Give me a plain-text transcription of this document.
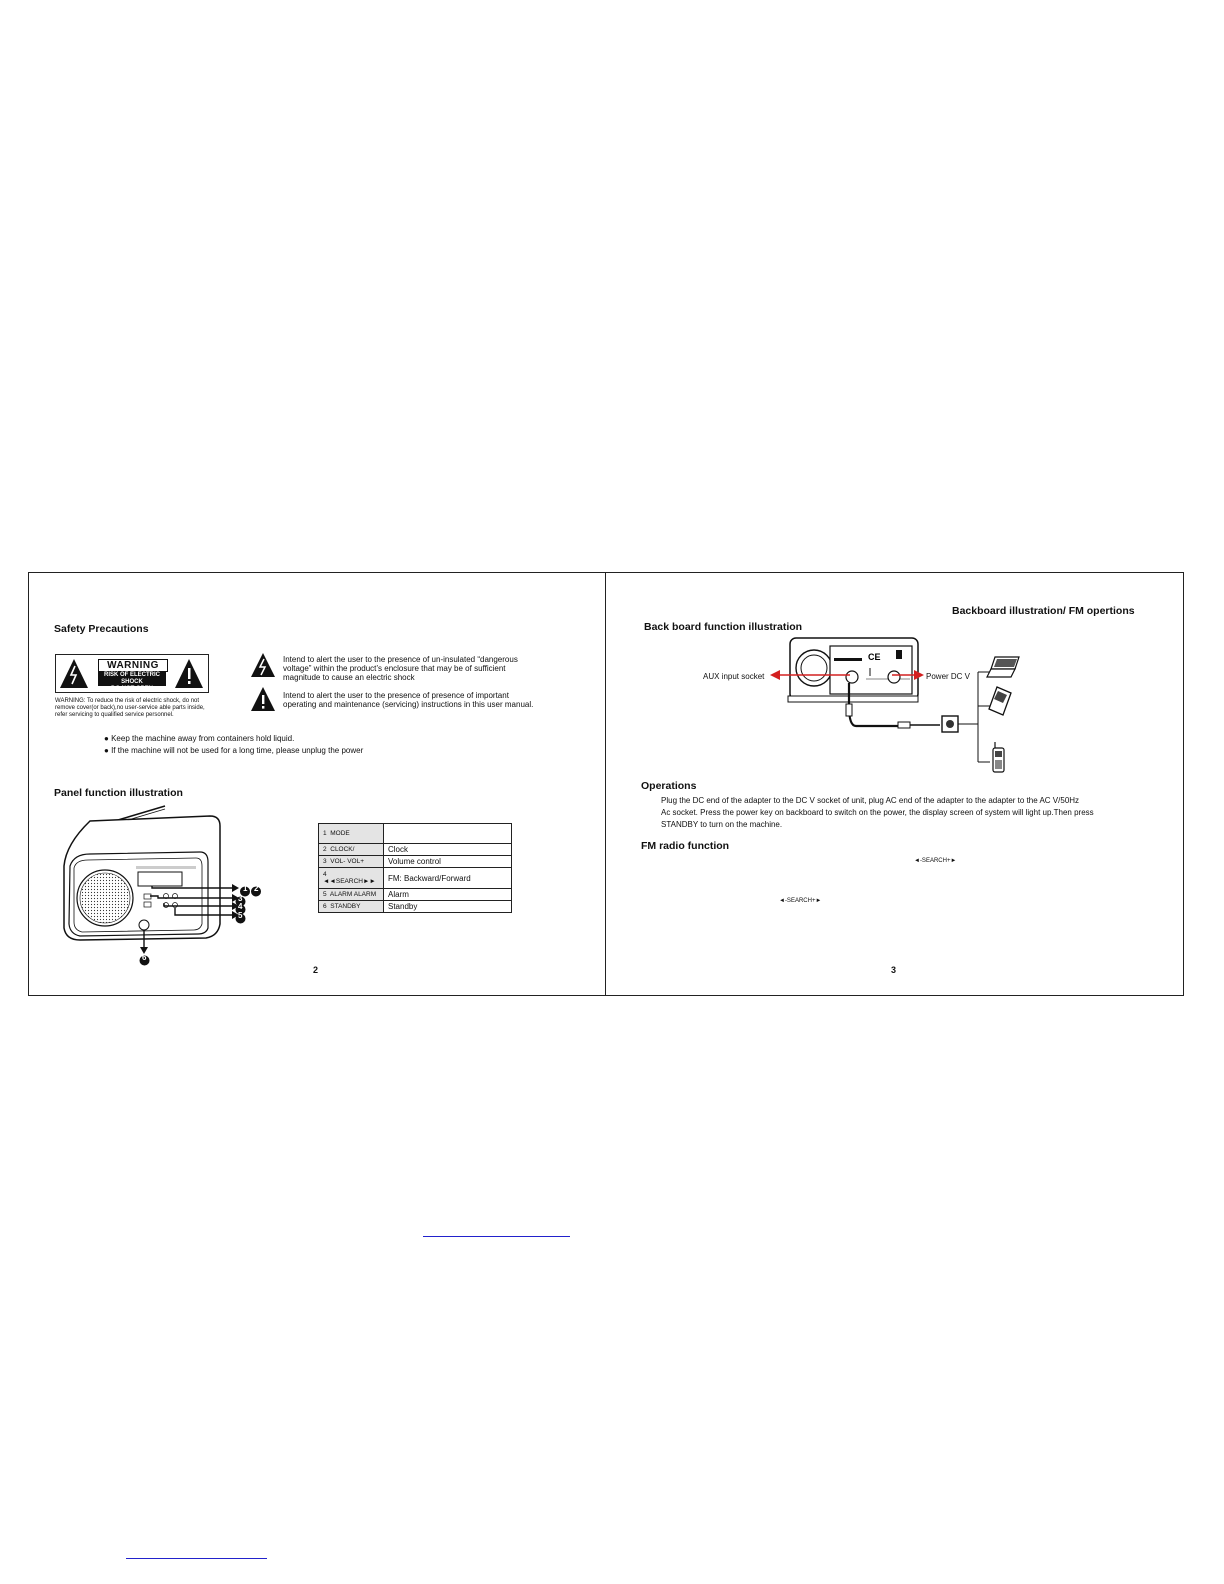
Safety Precautions
WARNING
RISK OF ELECTRIC SHOCK
DO NOT OPEN
WARNING: To reduce the risk of electric shock, do not
remove cover(or back),no user-service able parts inside,
refer servicing to qualified service personnel.
Intend to alert the user to the presence of un-insulated “dangerous
voltage” within the product’s enclosure that may be of sufficient
magnitude to cause an electric shock
Intend to alert the user to the presence of presence of important
operating and maintenance (servicing) instructions in this user manual.
● Keep the machine away from containers hold liquid.
● If the machine will not be used for a long time, please unplug the power
Panel function illustration
1 2
3
4
5
6
1 MODE	
2 CLOCK/	Clock
3 VOL- VOL+	Volume control
4  ◄◄SEARCH►►	FM: Backward/Forward
5 ALARM ALARM	Alarm
6 STANDBY	Standby
2
Backboard illustration/ FM opertions
Back board function illustration
CE
AUX input socket	Power DC V
Operations
Plug the DC end of the adapter to the DC V socket of unit, plug AC end of the adapter to the adapter to the AC V/50Hz
Ac socket. Press the power key on backboard to switch on the power, the display screen of system will light up.Then press
STANDBY to turn on the machine.
FM radio function
◄-SEARCH+►
◄-SEARCH+►
3
